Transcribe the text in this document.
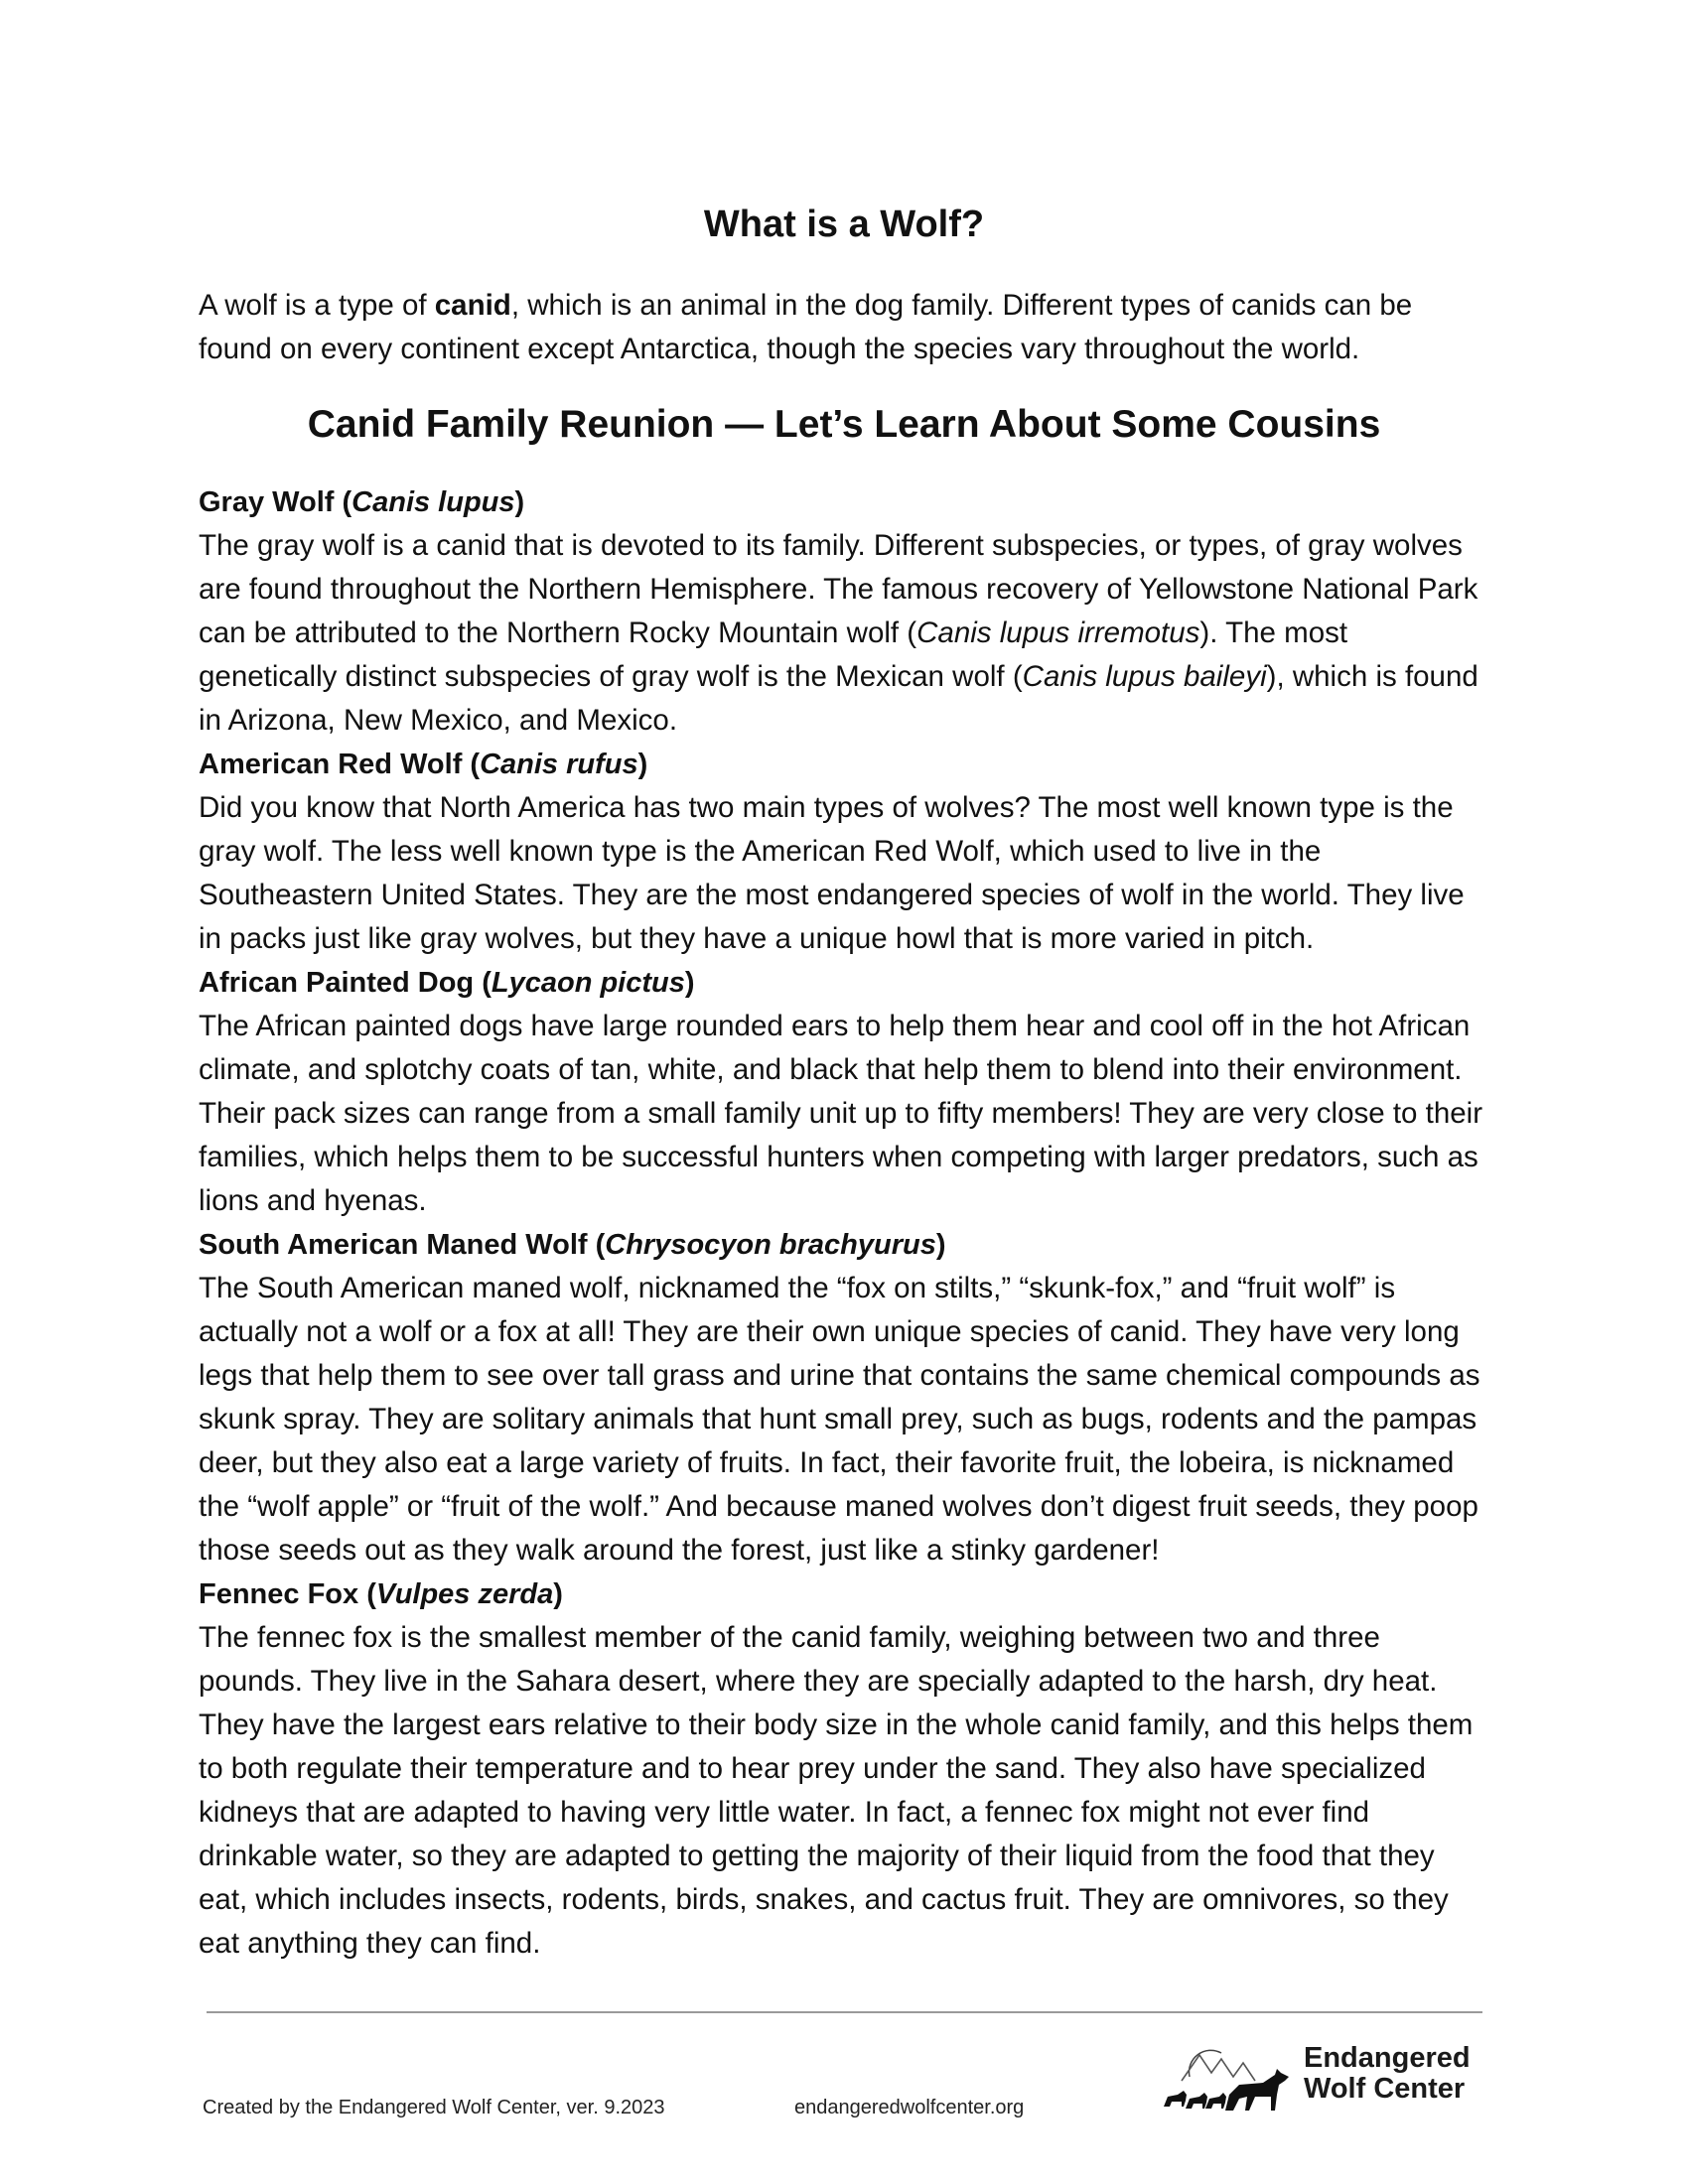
What is a Wolf?

A wolf is a type of canid, which is an animal in the dog family. Different types of canids can be found on every continent except Antarctica, though the species vary throughout the world.

Canid Family Reunion — Let’s Learn About Some Cousins

Gray Wolf (Canis lupus)

The gray wolf is a canid that is devoted to its family. Different subspecies, or types, of gray wolves are found throughout the Northern Hemisphere. The famous recovery of Yellowstone National Park can be attributed to the Northern Rocky Mountain wolf (Canis lupus irremotus). The most genetically distinct subspecies of gray wolf is the Mexican wolf (Canis lupus baileyi), which is found in Arizona, New Mexico, and Mexico.

American Red Wolf (Canis rufus)

Did you know that North America has two main types of wolves? The most well known type is the gray wolf. The less well known type is the American Red Wolf, which used to live in the Southeastern United States. They are the most endangered species of wolf in the world. They live in packs just like gray wolves, but they have a unique howl that is more varied in pitch.

African Painted Dog (Lycaon pictus)

The African painted dogs have large rounded ears to help them hear and cool off in the hot African climate, and splotchy coats of tan, white, and black that help them to blend into their environment. Their pack sizes can range from a small family unit up to fifty members! They are very close to their families, which helps them to be successful hunters when competing with larger predators, such as lions and hyenas.

South American Maned Wolf (Chrysocyon brachyurus)

The South American maned wolf, nicknamed the “fox on stilts,” “skunk-fox,” and “fruit wolf” is actually not a wolf or a fox at all! They are their own unique species of canid. They have very long legs that help them to see over tall grass and urine that contains the same chemical compounds as skunk spray. They are solitary animals that hunt small prey, such as bugs, rodents and the pampas deer, but they also eat a large variety of fruits. In fact, their favorite fruit, the lobeira, is nicknamed the “wolf apple” or “fruit of the wolf.” And because maned wolves don’t digest fruit seeds, they poop those seeds out as they walk around the forest, just like a stinky gardener!

Fennec Fox (Vulpes zerda)

The fennec fox is the smallest member of the canid family, weighing between two and three pounds. They live in the Sahara desert, where they are specially adapted to the harsh, dry heat. They have the largest ears relative to their body size in the whole canid family, and this helps them to both regulate their temperature and to hear prey under the sand. They also have specialized kidneys that are adapted to having very little water. In fact, a fennec fox might not ever find drinkable water, so they are adapted to getting the majority of their liquid from the food that they eat, which includes insects, rodents, birds, snakes, and cactus fruit. They are omnivores, so they eat anything they can find.

Created by the Endangered Wolf Center, ver. 9.2023	endangeredwolfcenter.org
Endangered
Wolf Center
